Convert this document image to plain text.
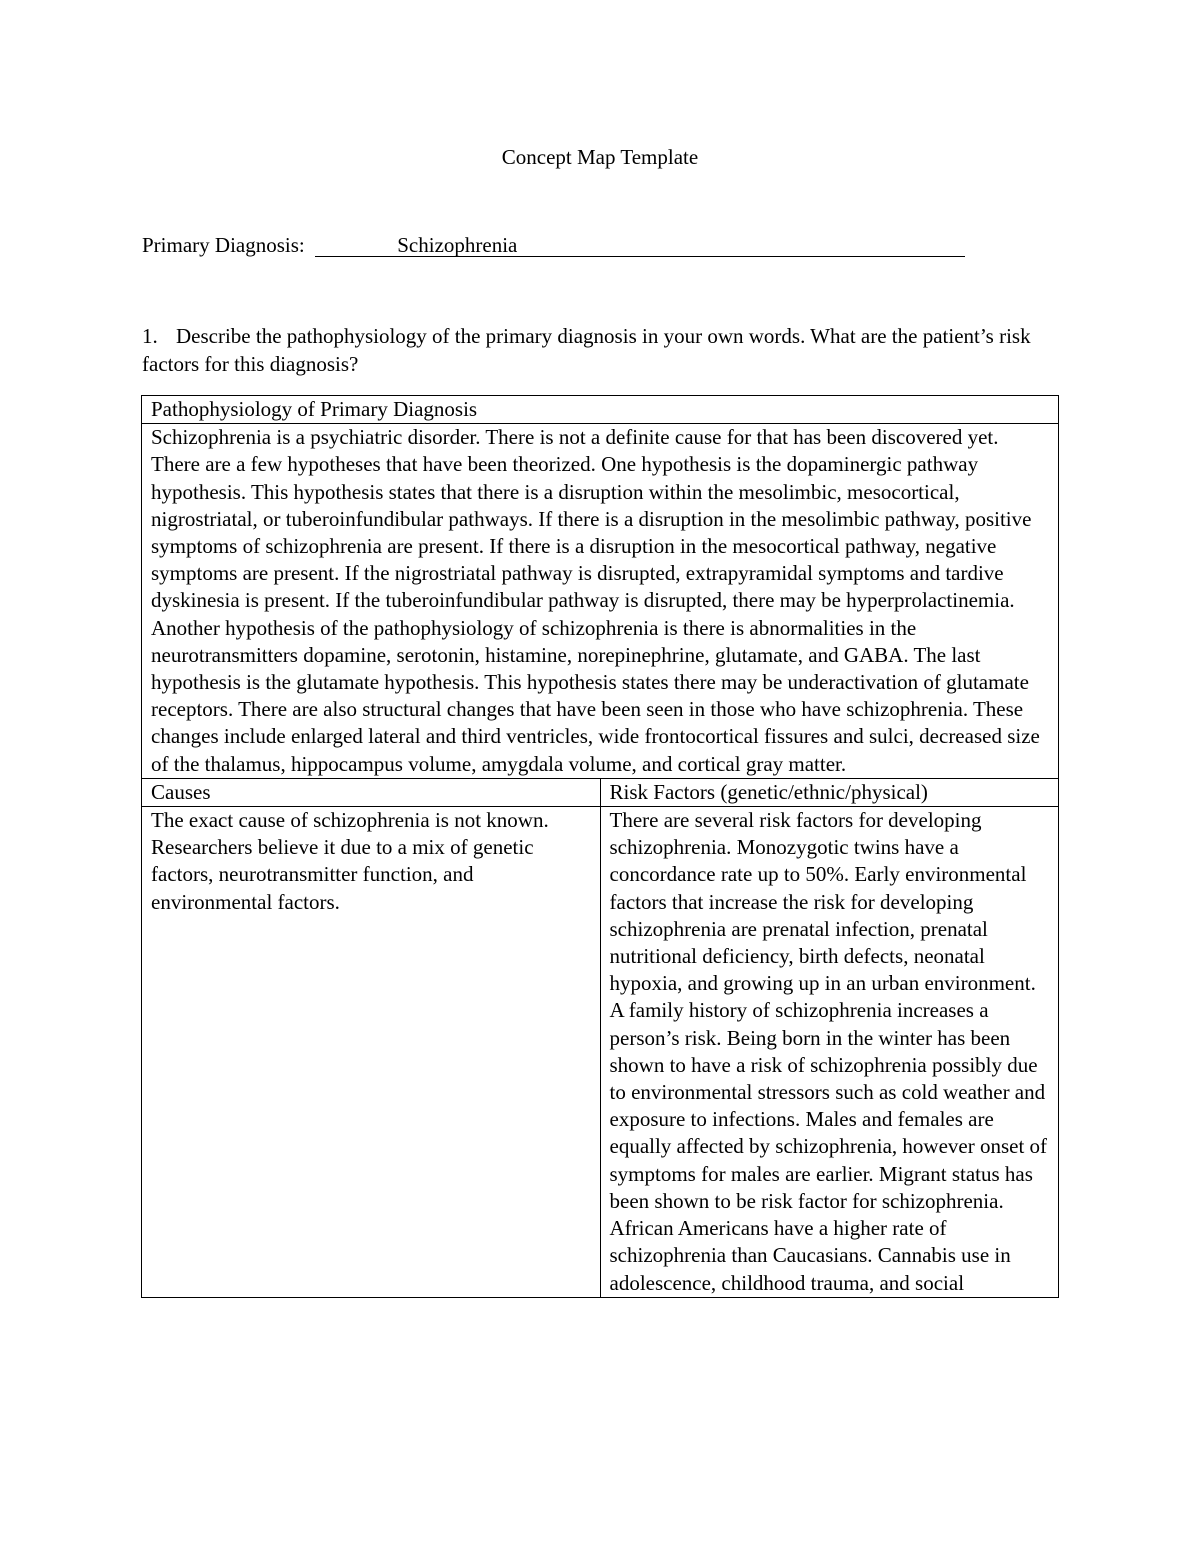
Concept Map Template
Primary Diagnosis:	Schizophrenia
1. Describe the pathophysiology of the primary diagnosis in your own words. What are the patient’s risk factors for this diagnosis?
Pathophysiology of Primary Diagnosis	
Schizophrenia is a psychiatric disorder. There is not a definite cause for that has been discovered yet. There are a few hypotheses that have been theorized. One hypothesis is the dopaminergic pathway hypothesis. This hypothesis states that there is a disruption within the mesolimbic, mesocortical, nigrostriatal, or tuberoinfundibular pathways. If there is a disruption in the mesolimbic pathway, positive symptoms of schizophrenia are present. If there is a disruption in the mesocortical pathway, negative symptoms are present. If the nigrostriatal pathway is disrupted, extrapyramidal symptoms and tardive dyskinesia is present. If the tuberoinfundibular pathway is disrupted, there may be hyperprolactinemia. Another hypothesis of the pathophysiology of schizophrenia is there is abnormalities in the neurotransmitters dopamine, serotonin, histamine, norepinephrine, glutamate, and GABA. The last hypothesis is the glutamate hypothesis. This hypothesis states there may be underactivation of glutamate receptors. There are also structural changes that have been seen in those who have schizophrenia. These changes include enlarged lateral and third ventricles, wide frontocortical fissures and sulci, decreased size of the thalamus, hippocampus volume, amygdala volume, and cortical gray matter.	
Causes	Risk Factors (genetic/ethnic/physical)
The exact cause of schizophrenia is not known. Researchers believe it due to a mix of genetic factors, neurotransmitter function, and environmental factors.	There are several risk factors for developing schizophrenia. Monozygotic twins have a concordance rate up to 50%. Early environmental factors that increase the risk for developing schizophrenia are prenatal infection, prenatal nutritional deficiency, birth defects, neonatal hypoxia, and growing up in an urban environment. A family history of schizophrenia increases a person’s risk. Being born in the winter has been shown to have a risk of schizophrenia possibly due to environmental stressors such as cold weather and exposure to infections. Males and females are equally affected by schizophrenia, however onset of symptoms for males are earlier. Migrant status has been shown to be risk factor for schizophrenia. African Americans have a higher rate of schizophrenia than Caucasians. Cannabis use in adolescence, childhood trauma, and social
